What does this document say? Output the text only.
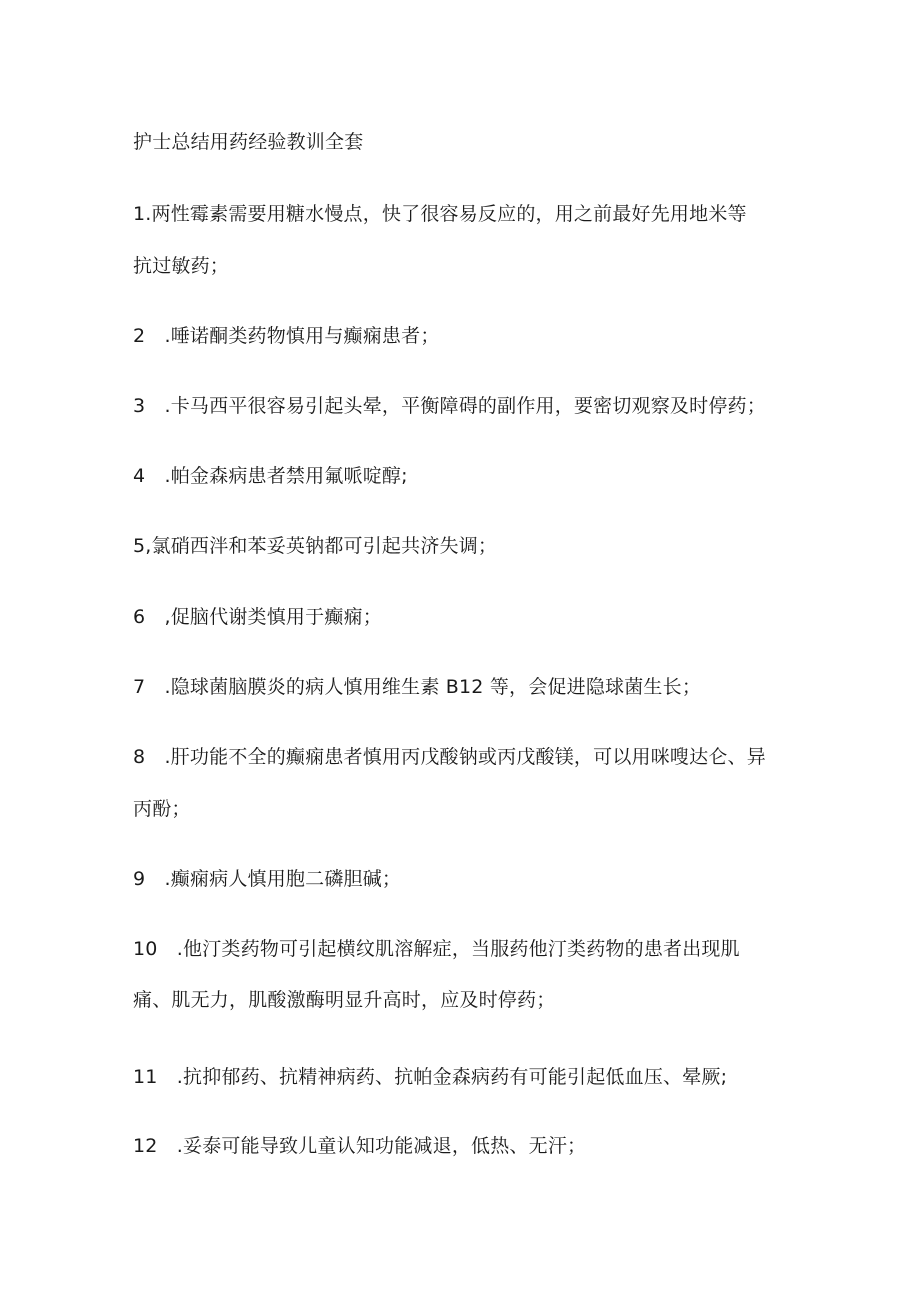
护士总结用药经验教训全套
1.两性霉素需要用糖水慢点，快了很容易反应的，用之前最好先用地米等
抗过敏药；
2　.唾诺酮类药物慎用与癫痫患者；
3　.卡马西平很容易引起头晕，平衡障碍的副作用，要密切观察及时停药；
4　.帕金森病患者禁用氟哌啶醇;
5,氯硝西泮和苯妥英钠都可引起共济失调；
6　,促脑代谢类慎用于癫痫；
7　.隐球菌脑膜炎的病人慎用维生素 B12 等，会促进隐球菌生长；
8　.肝功能不全的癫痫患者慎用丙戊酸钠或丙戊酸镁，可以用咪嗖达仑、异
丙酚；
9　.癫痫病人慎用胞二磷胆碱；
10　.他汀类药物可引起横纹肌溶解症，当服药他汀类药物的患者出现肌
痛、肌无力，肌酸激酶明显升高时，应及时停药；
11　.抗抑郁药、抗精神病药、抗帕金森病药有可能引起低血压、晕厥;
12　.妥泰可能导致儿童认知功能减退，低热、无汗；
